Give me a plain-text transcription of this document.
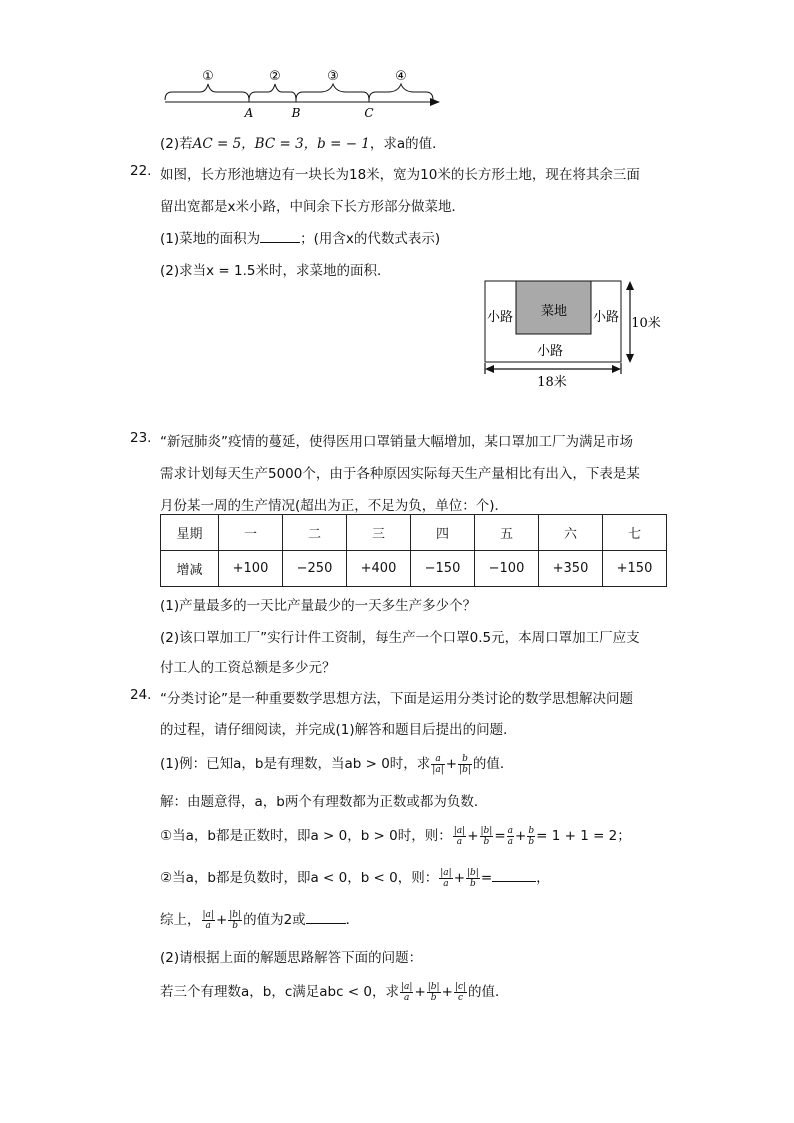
①	②	③	④
A	B	C
(2)若AC = 5，BC = 3，b = − 1，求a的值．
22. 如图，长方形池塘边有一块长为18米，宽为10米的长方形土地，现在将其余三面
留出宽都是x米小路，中间余下长方形部分做菜地．
(1)菜地的面积为	；(用含x的代数式表示)
(2)求当x = 1.5米时，求菜地的面积．
菜地
小路	小路
小路
10米
18米
23. “新冠肺炎”疫情的蔓延，使得医用口罩销量大幅增加，某口罩加工厂为满足市场
需求计划每天生产5000个，由于各种原因实际每天生产量相比有出入，下表是某
月份某一周的生产情况(超出为正，不足为负，单位：个)．
星期	一	二	三	四	五	六	七
增减	+100	−250	+400	−150	−100	+350	+150
(1)产量最多的一天比产量最少的一天多生产多少个？
(2)该口罩加工厂”实行计件工资制，每生产一个口罩0.5元，本周口罩加工厂应支
付工人的工资总额是多少元？
24. “分类讨论”是一种重要数学思想方法，下面是运用分类讨论的数学思想解决问题
的过程，请仔细阅读，并完成(1)解答和题目后提出的问题．
(1)例：已知a，b是有理数，当ab > 0时，求 $\frac{a}{|a|} + \frac{b}{|b|}$ 的值．
解：由题意得，a，b两个有理数都为正数或都为负数．
①当a，b都是正数时，即a > 0，b > 0时，则： $\frac{|a|}{a} + \frac{|b|}{b} = \frac{a}{a} + \frac{b}{b} = 1 + 1 = 2$；
②当a，b都是负数时，即a < 0，b < 0，则： $\frac{|a|}{a} + \frac{|b|}{b}$ =	，
综上， $\frac{|a|}{a} + \frac{|b|}{b}$ 的值为2或	．
(2)请根据上面的解题思路解答下面的问题：
若三个有理数a，b，c满足abc < 0，求 $\frac{|a|}{a} + \frac{|b|}{b} + \frac{|c|}{c}$ 的值．
